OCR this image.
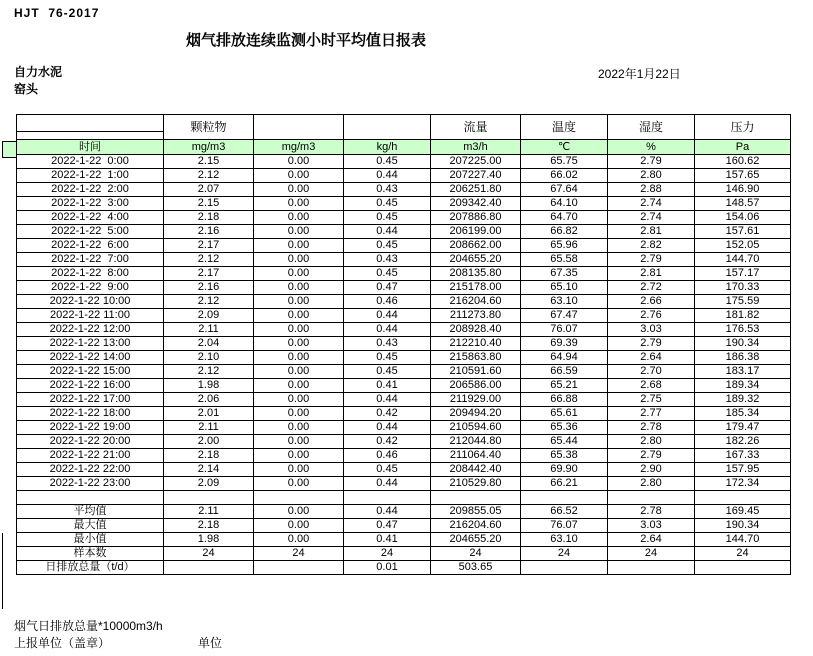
HJT  76-2017
烟气排放连续监测小时平均值日报表
自力水泥
窑头
2022年1月22日
	颗粒物			流量	温度	湿度	压力

时间	mg/m3	mg/m3	kg/h	m3/h	℃	%	Pa
2022-1-22  0:00	2.15	0.00	0.45	207225.00	65.75	2.79	160.62
2022-1-22  1:00	2.12	0.00	0.44	207227.40	66.02	2.80	157.65
2022-1-22  2:00	2.07	0.00	0.43	206251.80	67.64	2.88	146.90
2022-1-22  3:00	2.15	0.00	0.45	209342.40	64.10	2.74	148.57
2022-1-22  4:00	2.18	0.00	0.45	207886.80	64.70	2.74	154.06
2022-1-22  5:00	2.16	0.00	0.44	206199.00	66.82	2.81	157.61
2022-1-22  6:00	2.17	0.00	0.45	208662.00	65.96	2.82	152.05
2022-1-22  7:00	2.12	0.00	0.43	204655.20	65.58	2.79	144.70
2022-1-22  8:00	2.17	0.00	0.45	208135.80	67.35	2.81	157.17
2022-1-22  9:00	2.16	0.00	0.47	215178.00	65.10	2.72	170.33
2022-1-22 10:00	2.12	0.00	0.46	216204.60	63.10	2.66	175.59
2022-1-22 11:00	2.09	0.00	0.44	211273.80	67.47	2.76	181.82
2022-1-22 12:00	2.11	0.00	0.44	208928.40	76.07	3.03	176.53
2022-1-22 13:00	2.04	0.00	0.43	212210.40	69.39	2.79	190.34
2022-1-22 14:00	2.10	0.00	0.45	215863.80	64.94	2.64	186.38
2022-1-22 15:00	2.12	0.00	0.45	210591.60	66.59	2.70	183.17
2022-1-22 16:00	1.98	0.00	0.41	206586.00	65.21	2.68	189.34
2022-1-22 17:00	2.06	0.00	0.44	211929.00	66.88	2.75	189.32
2022-1-22 18:00	2.01	0.00	0.42	209494.20	65.61	2.77	185.34
2022-1-22 19:00	2.11	0.00	0.44	210594.60	65.36	2.78	179.47
2022-1-22 20:00	2.00	0.00	0.42	212044.80	65.44	2.80	182.26
2022-1-22 21:00	2.18	0.00	0.46	211064.40	65.38	2.79	167.33
2022-1-22 22:00	2.14	0.00	0.45	208442.40	69.90	2.90	157.95
2022-1-22 23:00	2.09	0.00	0.44	210529.80	66.21	2.80	172.34

平均值	2.11	0.00	0.44	209855.05	66.52	2.78	169.45
最大值	2.18	0.00	0.47	216204.60	76.07	3.03	190.34
最小值	1.98	0.00	0.41	204655.20	63.10	2.64	144.70
样本数	24	24	24	24	24	24	24
日排放总量（t/d）			0.01	503.65			
烟气日排放总量*10000m3/h
上报单位（盖章）	单位
